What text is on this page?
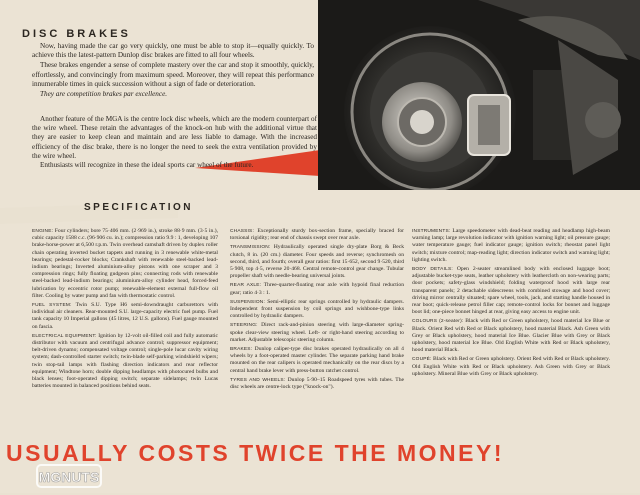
DISC BRAKES

Now, having made the car go very quickly, one must be able to stop it—equally quickly. To achieve this the latest-pattern Dunlop disc brakes are fitted to all four wheels.

These brakes engender a sense of complete mastery over the car and stop it smoothly, quickly, effortlessly, and convincingly from maximum speed. Moreover, they will repeat this performance innumerable times in quick succession without a sign of fade or deterioration.

They are competition brakes par excellence.

Another feature of the MGA is the centre lock disc wheels, which are the modern counterpart of the wire wheel. These retain the advantages of the knock-on hub with the additional virtue that they are easier to keep clean and maintain and are less liable to damage. With the increased efficiency of the disc brake, there is no longer the need to seek the extra ventilation provided by the wire wheel.

Enthusiasts will recognize in these the ideal sports car wheel of the future.

SPECIFICATION

ENGINE: Four cylinders; bore 75·406 mm. (2·969 in.), stroke 88·9 mm. (3·5 in.), cubic capacity 1588 c.c. (96·906 cu. in.); compression ratio 9.9 : 1, developing 107 brake-horse-power at 6,500 r.p.m. Twin overhead camshaft driven by duplex roller chain operating inverted bucket tappets and running in 3 renewable white-metal bearings; pedestal-rocker blocks; Crankshaft with renewable steel-backed lead-indium bearings; Inverted aluminium-alloy pistons with one scraper and 3 compression rings; fully floating gudgeon pins; connecting rods with renewable steel-backed lead-indium bearings; aluminium-alloy cylinder head, forced-feed lubrication by eccentric rotor pump; renewable-element external full-flow oil filter. Cooling by water pump and fan with thermostatic control.

FUEL SYSTEM: Twin S.U. Type H6 semi-downdraught carburettors with individual air cleaners. Rear-mounted S.U. large-capacity electric fuel pump. Fuel tank capacity 10 Imperial gallons (45 litres, 12 U.S. gallons). Fuel gauge mounted on fascia.

ELECTRICAL EQUIPMENT: Ignition by 12-volt oil-filled coil and fully automatic distributor with vacuum and centrifugal advance control; suppressor equipment; belt-driven dynamo; compensated voltage control; single-pole lucar cavity wiring system; dash-controlled starter switch; twin-blade self-parking windshield wipers; twin stop-tail lamps with flashing direction indicators and rear reflector equipment; Windtone horn; double dipping headlamps with photocured bulbs and black lenses; foot-operated dipping switch; separate sidelamps; twin Lucas batteries mounted in balanced positions behind seats.

CHASSIS: Exceptionally sturdy box-section frame, specially braced for torsional rigidity; rear end of chassis swept over rear axle.

TRANSMISSION: Hydraulically operated single dry-plate Borg & Beck clutch, 8 in. (20 cm.) diameter. Four speeds and reverse; synchromesh on second, third, and fourth; overall gear ratios: first 15·652, second 9·520, third 5·908, top 4·5, reverse 20·468. Central remote-control gear change. Tubular propeller shaft with needle-bearing universal joints.

REAR AXLE: Three-quarter-floating rear axle with hypoid final reduction gear; ratio 4·3 : 1.

SUSPENSION: Semi-elliptic rear springs controlled by hydraulic dampers. Independent front suspension by coil springs and wishbone-type links controlled by hydraulic dampers.

STEERING: Direct rack-and-pinion steering with large-diameter spring-spoke clear-view steering wheel. Left- or right-hand steering according to market. Adjustable telescopic steering column.

BRAKES: Dunlop caliper-type disc brakes operated hydraulically on all 4 wheels by a foot-operated master cylinder. The separate parking hand brake mounted on the rear calipers is operated mechanically on the rear discs by a central hand brake lever with press-button ratchet control.

TYRES AND WHEELS: Dunlop 5·90–15 Roadspeed tyres with tubes. The disc wheels are centre-lock type ("knock-on").

INSTRUMENTS: Large speedometer with dead-beat reading and headlamp high-beam warning lamp; large revolution indicator with ignition warning light; oil pressure gauge; water temperature gauge; fuel indicator gauge; ignition switch; rheostat panel light switch; mixture control; map-reading light; direction indicator switch and warning light; lighting switch.

BODY DETAILS: Open 2-seater streamlined body with enclosed luggage boot; adjustable bucket-type seats, leather upholstery with leathercloth on non-wearing parts; door pockets; safety-glass windshield; folding waterproof hood with large rear transparent panels; 2 detachable sidescreens with combined stowage and hood cover; driving mirror centrally situated; spare wheel, tools, jack, and starting handle housed in rear boot; quick-release petrol filler cap; remote-control locks for bonnet and luggage boot lid; one-piece bonnet hinged at rear, giving easy access to engine unit.

COLOURS (2-seater): Black with Red or Green upholstery, hood material Ice Blue or Black. Orient Red with Red or Black upholstery, hood material Black. Ash Green with Grey or Black upholstery, hood material Ice Blue. Glacier Blue with Grey or Black upholstery, hood material Ice Blue. Old English White with Red or Black upholstery, hood material Black.

COUPÉ: Black with Red or Green upholstery. Orient Red with Red or Black upholstery. Old English White with Red or Black upholstery. Ash Green with Grey or Black upholstery. Mineral Blue with Grey or Black upholstery.

USUALLY COSTS TWICE THE MONEY!
MGNUTS
